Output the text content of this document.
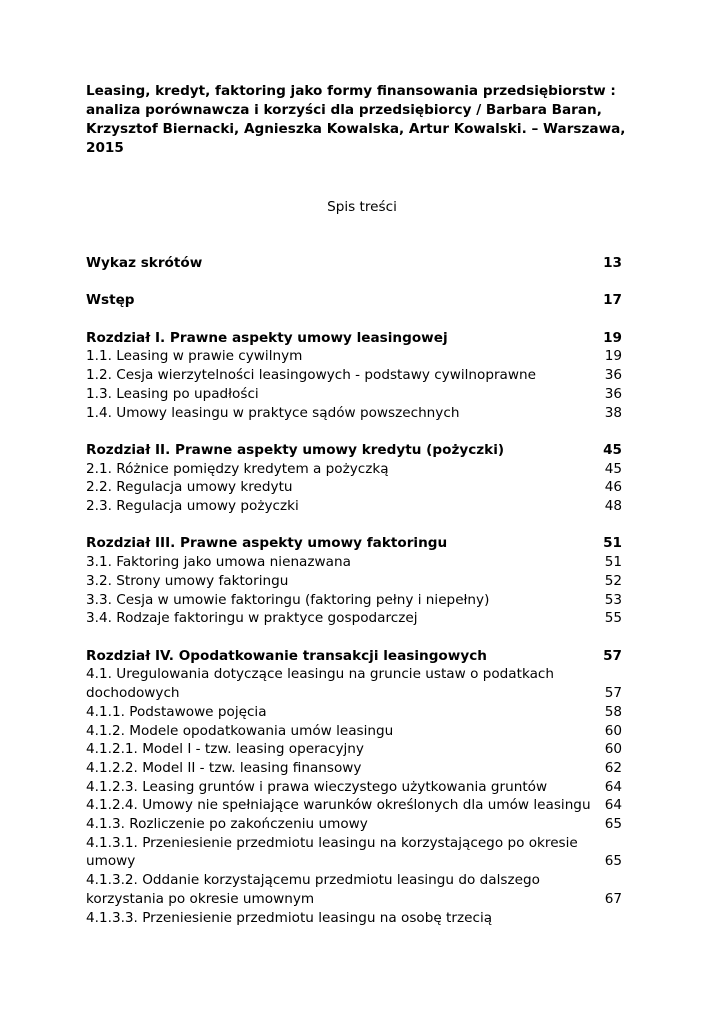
Leasing, kredyt, faktoring jako formy finansowania przedsiębiorstw :
analiza porównawcza i korzyści dla przedsiębiorcy / Barbara Baran,
Krzysztof Biernacki, Agnieszka Kowalska, Artur Kowalski. – Warszawa,
2015
Spis treści
Wykaz skrótów	13
Wstęp	17
Rozdział I. Prawne aspekty umowy leasingowej	19
1.1. Leasing w prawie cywilnym	19
1.2. Cesja wierzytelności leasingowych - podstawy cywilnoprawne	36
1.3. Leasing po upadłości	36
1.4. Umowy leasingu w praktyce sądów powszechnych	38
Rozdział II. Prawne aspekty umowy kredytu (pożyczki)	45
2.1. Różnice pomiędzy kredytem a pożyczką	45
2.2. Regulacja umowy kredytu	46
2.3. Regulacja umowy pożyczki	48
Rozdział III. Prawne aspekty umowy faktoringu	51
3.1. Faktoring jako umowa nienazwana	51
3.2. Strony umowy faktoringu	52
3.3. Cesja w umowie faktoringu (faktoring pełny i niepełny)	53
3.4. Rodzaje faktoringu w praktyce gospodarczej	55
Rozdział IV. Opodatkowanie transakcji leasingowych	57
4.1. Uregulowania dotyczące leasingu na gruncie ustaw o podatkach
dochodowych	57
4.1.1. Podstawowe pojęcia	58
4.1.2. Modele opodatkowania umów leasingu	60
4.1.2.1. Model I - tzw. leasing operacyjny	60
4.1.2.2. Model II - tzw. leasing finansowy	62
4.1.2.3. Leasing gruntów i prawa wieczystego użytkowania gruntów	64
4.1.2.4. Umowy nie spełniające warunków określonych dla umów leasingu 64
4.1.3. Rozliczenie po zakończeniu umowy	65
4.1.3.1. Przeniesienie przedmiotu leasingu na korzystającego po okresie
umowy	65
4.1.3.2. Oddanie korzystającemu przedmiotu leasingu do dalszego
korzystania po okresie umownym	67
4.1.3.3. Przeniesienie przedmiotu leasingu na osobę trzecią
